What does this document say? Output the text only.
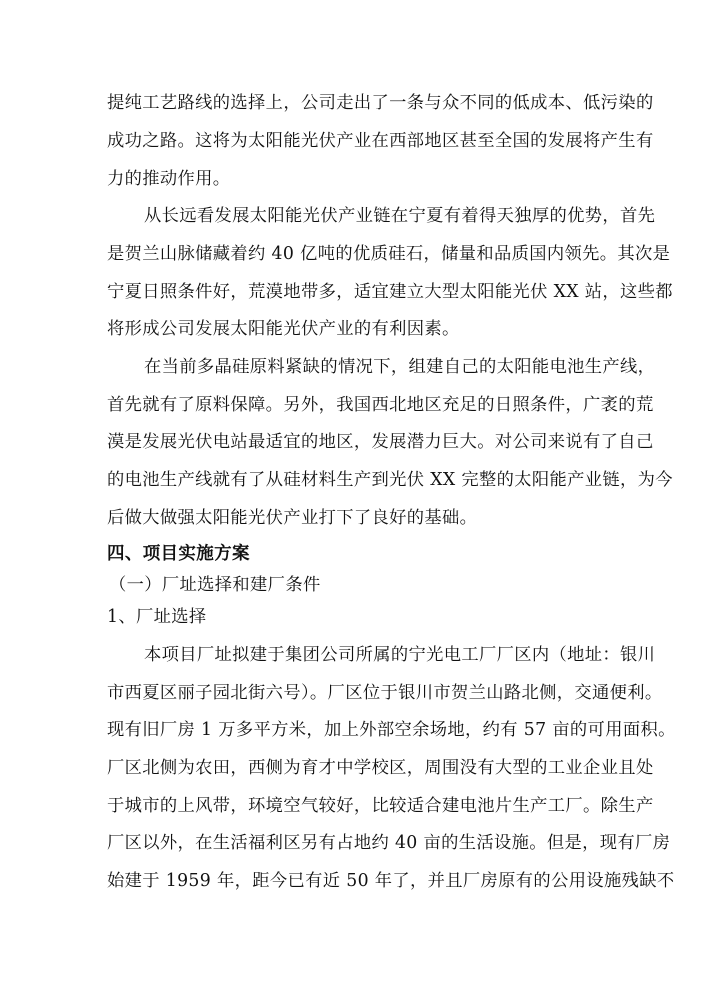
提纯工艺路线的选择上，公司走出了一条与众不同的低成本、低污染的
成功之路。这将为太阳能光伏产业在西部地区甚至全国的发展将产生有
力的推动作用。
从长远看发展太阳能光伏产业链在宁夏有着得天独厚的优势，首先
是贺兰山脉储藏着约 40 亿吨的优质硅石，储量和品质国内领先。其次是
宁夏日照条件好，荒漠地带多，适宜建立大型太阳能光伏 XX 站，这些都
将形成公司发展太阳能光伏产业的有利因素。
在当前多晶硅原料紧缺的情况下，组建自己的太阳能电池生产线，
首先就有了原料保障。另外，我国西北地区充足的日照条件，广袤的荒
漠是发展光伏电站最适宜的地区，发展潜力巨大。对公司来说有了自己
的电池生产线就有了从硅材料生产到光伏 XX 完整的太阳能产业链，为今
后做大做强太阳能光伏产业打下了良好的基础。
四、项目实施方案
（一）厂址选择和建厂条件
1、厂址选择
本项目厂址拟建于集团公司所属的宁光电工厂厂区内（地址：银川
市西夏区丽子园北街六号）。厂区位于银川市贺兰山路北侧，交通便利。
现有旧厂房 1 万多平方米，加上外部空余场地，约有 57 亩的可用面积。
厂区北侧为农田，西侧为育才中学校区，周围没有大型的工业企业且处
于城市的上风带，环境空气较好，比较适合建电池片生产工厂。除生产
厂区以外，在生活福利区另有占地约 40 亩的生活设施。但是，现有厂房
始建于 1959 年，距今已有近 50 年了，并且厂房原有的公用设施残缺不
